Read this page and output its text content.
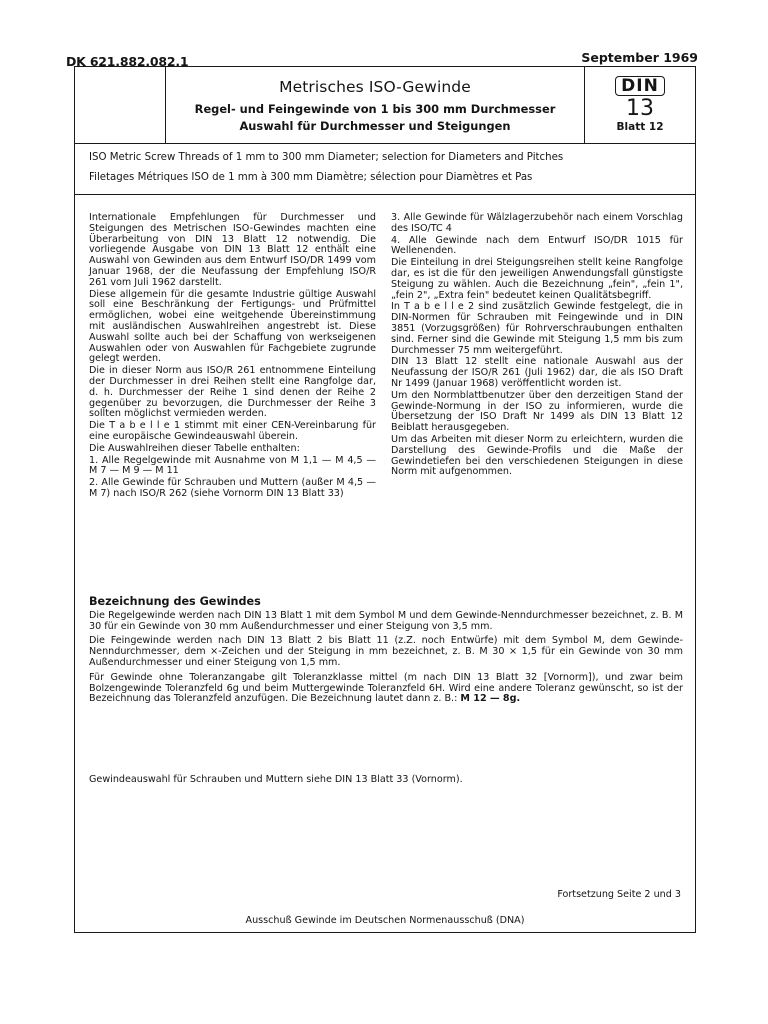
DK 621.882.082.1	September 1969
Metrisches ISO-Gewinde
Regel- und Feingewinde von 1 bis 300 mm Durchmesser
Auswahl für Durchmesser und Steigungen
DIN
13
Blatt 12
ISO Metric Screw Threads of 1 mm to 300 mm Diameter; selection for Diameters and Pitches
Filetages Métriques ISO de 1 mm à 300 mm Diamètre; sélection pour Diamètres et Pas

Internationale Empfehlungen für Durchmesser und Steigungen des Metrischen ISO-Gewindes machten eine Überarbeitung von DIN 13 Blatt 12 notwendig. Die vorliegende Ausgabe von DIN 13 Blatt 12 enthält eine Auswahl von Gewinden aus dem Entwurf ISO/DR 1499 vom Januar 1968, der die Neufassung der Empfehlung ISO/R 261 vom Juli 1962 darstellt.

Diese allgemein für die gesamte Industrie gültige Auswahl soll eine Beschränkung der Fertigungs- und Prüfmittel ermöglichen, wobei eine weitgehende Übereinstimmung mit ausländischen Auswahlreihen angestrebt ist. Diese Auswahl sollte auch bei der Schaffung von werkseigenen Auswahlen oder von Auswahlen für Fachgebiete zugrunde gelegt werden.

Die in dieser Norm aus ISO/R 261 entnommene Einteilung der Durchmesser in drei Reihen stellt eine Rangfolge dar, d. h. Durchmesser der Reihe 1 sind denen der Reihe 2 gegenüber zu bevorzugen, die Durchmesser der Reihe 3 sollten möglichst vermieden werden.

Die T a b e l l e 1 stimmt mit einer CEN-Vereinbarung für eine europäische Gewindeauswahl überein.

Die Auswahlreihen dieser Tabelle enthalten:

1. Alle Regelgewinde mit Ausnahme von M 1,1 — M 4,5 — M 7 — M 9 — M 11

2. Alle Gewinde für Schrauben und Muttern (außer M 4,5 — M 7) nach ISO/R 262 (siehe Vornorm DIN 13 Blatt 33)

3. Alle Gewinde für Wälzlagerzubehör nach einem Vorschlag des ISO/TC 4

4. Alle Gewinde nach dem Entwurf ISO/DR 1015 für Wellenenden.

Die Einteilung in drei Steigungsreihen stellt keine Rangfolge dar, es ist die für den jeweiligen Anwendungsfall günstigste Steigung zu wählen. Auch die Bezeichnung „fein", „fein 1", „fein 2", „Extra fein" bedeutet keinen Qualitätsbegriff.

In T a b e l l e 2 sind zusätzlich Gewinde festgelegt, die in DIN-Normen für Schrauben mit Feingewinde und in DIN 3851 (Vorzugsgrößen) für Rohrverschraubungen enthalten sind. Ferner sind die Gewinde mit Steigung 1,5 mm bis zum Durchmesser 75 mm weitergeführt.

DIN 13 Blatt 12 stellt eine nationale Auswahl aus der Neufassung der ISO/R 261 (Juli 1962) dar, die als ISO Draft Nr 1499 (Januar 1968) veröffentlicht worden ist.

Um den Normblattbenutzer über den derzeitigen Stand der Gewinde-Normung in der ISO zu informieren, wurde die Übersetzung der ISO Draft Nr 1499 als DIN 13 Blatt 12 Beiblatt herausgegeben.

Um das Arbeiten mit dieser Norm zu erleichtern, wurden die Darstellung des Gewinde-Profils und die Maße der Gewindetiefen bei den verschiedenen Steigungen in diese Norm mit aufgenommen.

Bezeichnung des Gewindes

Die Regelgewinde werden nach DIN 13 Blatt 1 mit dem Symbol M und dem Gewinde-Nenndurchmesser bezeichnet, z. B. M 30 für ein Gewinde von 30 mm Außendurchmesser und einer Steigung von 3,5 mm.

Die Feingewinde werden nach DIN 13 Blatt 2 bis Blatt 11 (z.Z. noch Entwürfe) mit dem Symbol M, dem Gewinde-Nenndurchmesser, dem ×-Zeichen und der Steigung in mm bezeichnet, z. B. M 30 × 1,5 für ein Gewinde von 30 mm Außendurchmesser und einer Steigung von 1,5 mm.

Für Gewinde ohne Toleranzangabe gilt Toleranzklasse mittel (m nach DIN 13 Blatt 32 [Vornorm]), und zwar beim Bolzengewinde Toleranzfeld 6g und beim Muttergewinde Toleranzfeld 6H. Wird eine andere Toleranz gewünscht, so ist der Bezeichnung das Toleranzfeld anzufügen. Die Bezeichnung lautet dann z. B.: M 12 — 8g.

Gewindeauswahl für Schrauben und Muttern siehe DIN 13 Blatt 33 (Vornorm).
Fortsetzung Seite 2 und 3
Ausschuß Gewinde im Deutschen Normenausschuß (DNA)
